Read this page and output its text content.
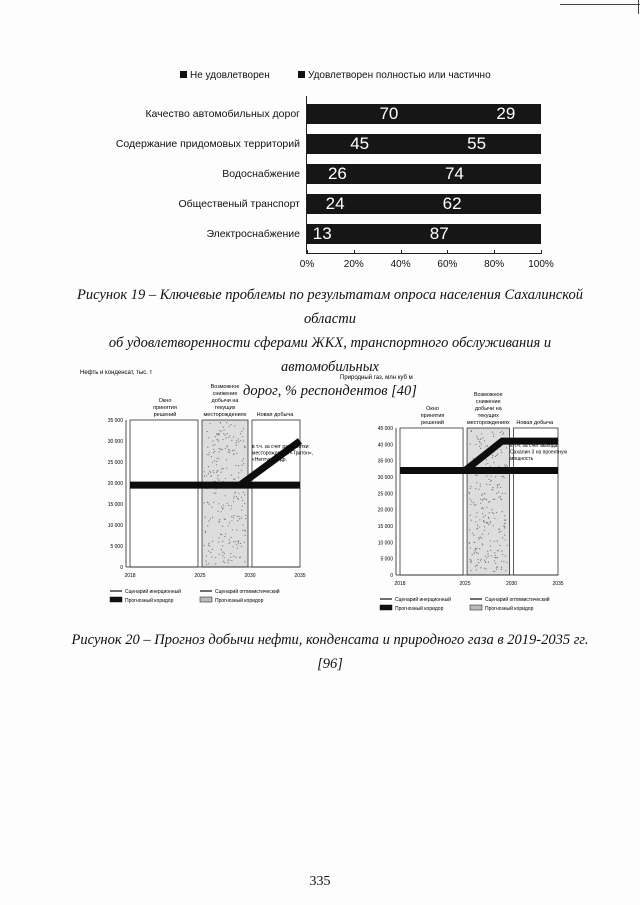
Не удовлетворен	Удовлетворен полностью или частично
Качество автомобильных дорог	70	29
Содержание придомовых территорий	45	55
Водоснабжение	26	74
Общественый транспорт	24	62
Электроснабжение 13	87
0%	20%	40%	60%	80% 100%
Рисунок 19 – Ключевые проблемы по результатам опроса населения Сахалинской области
об удовлетворенности сферами ЖКХ, транспортного обслуживания и автомобильных
дорог, % респондентов [40]
Нефть и конденсат, тыс. т
Окно
принятия
решений
Возможное
снижение
добычи на
текущих
месторождениях Новая добыча
35 000
30 000
25 000
20 000
15 000
10 000
5 000
0
2018	2025	2030	2035
в т.ч. за счет разработки
месторождений «Тритон»,
«Нептун» и др.
Сценарий инерционный	Сценарий оптимистический
Прогнозный коридор	Прогнозный коридор
Природный газ, млн куб м
Окно
принятия
решений
Возможное
снижение
добычи на
текущих
месторождениях Новая добыча
45 000
40 000
35 000
30 000
25 000
20 000
15 000
10 000
5 000
0
2018	2025	2030	2035
в т.ч. за счет выхода
Сахалин 3 на проектную
мощность
Сценарий инерционный	Сценарий оптимистический
Прогнозный коридор	Прогнозный коридор
Рисунок 20 – Прогноз добычи нефти, конденсата и природного газа в 2019-2035 гг. [96]
335
